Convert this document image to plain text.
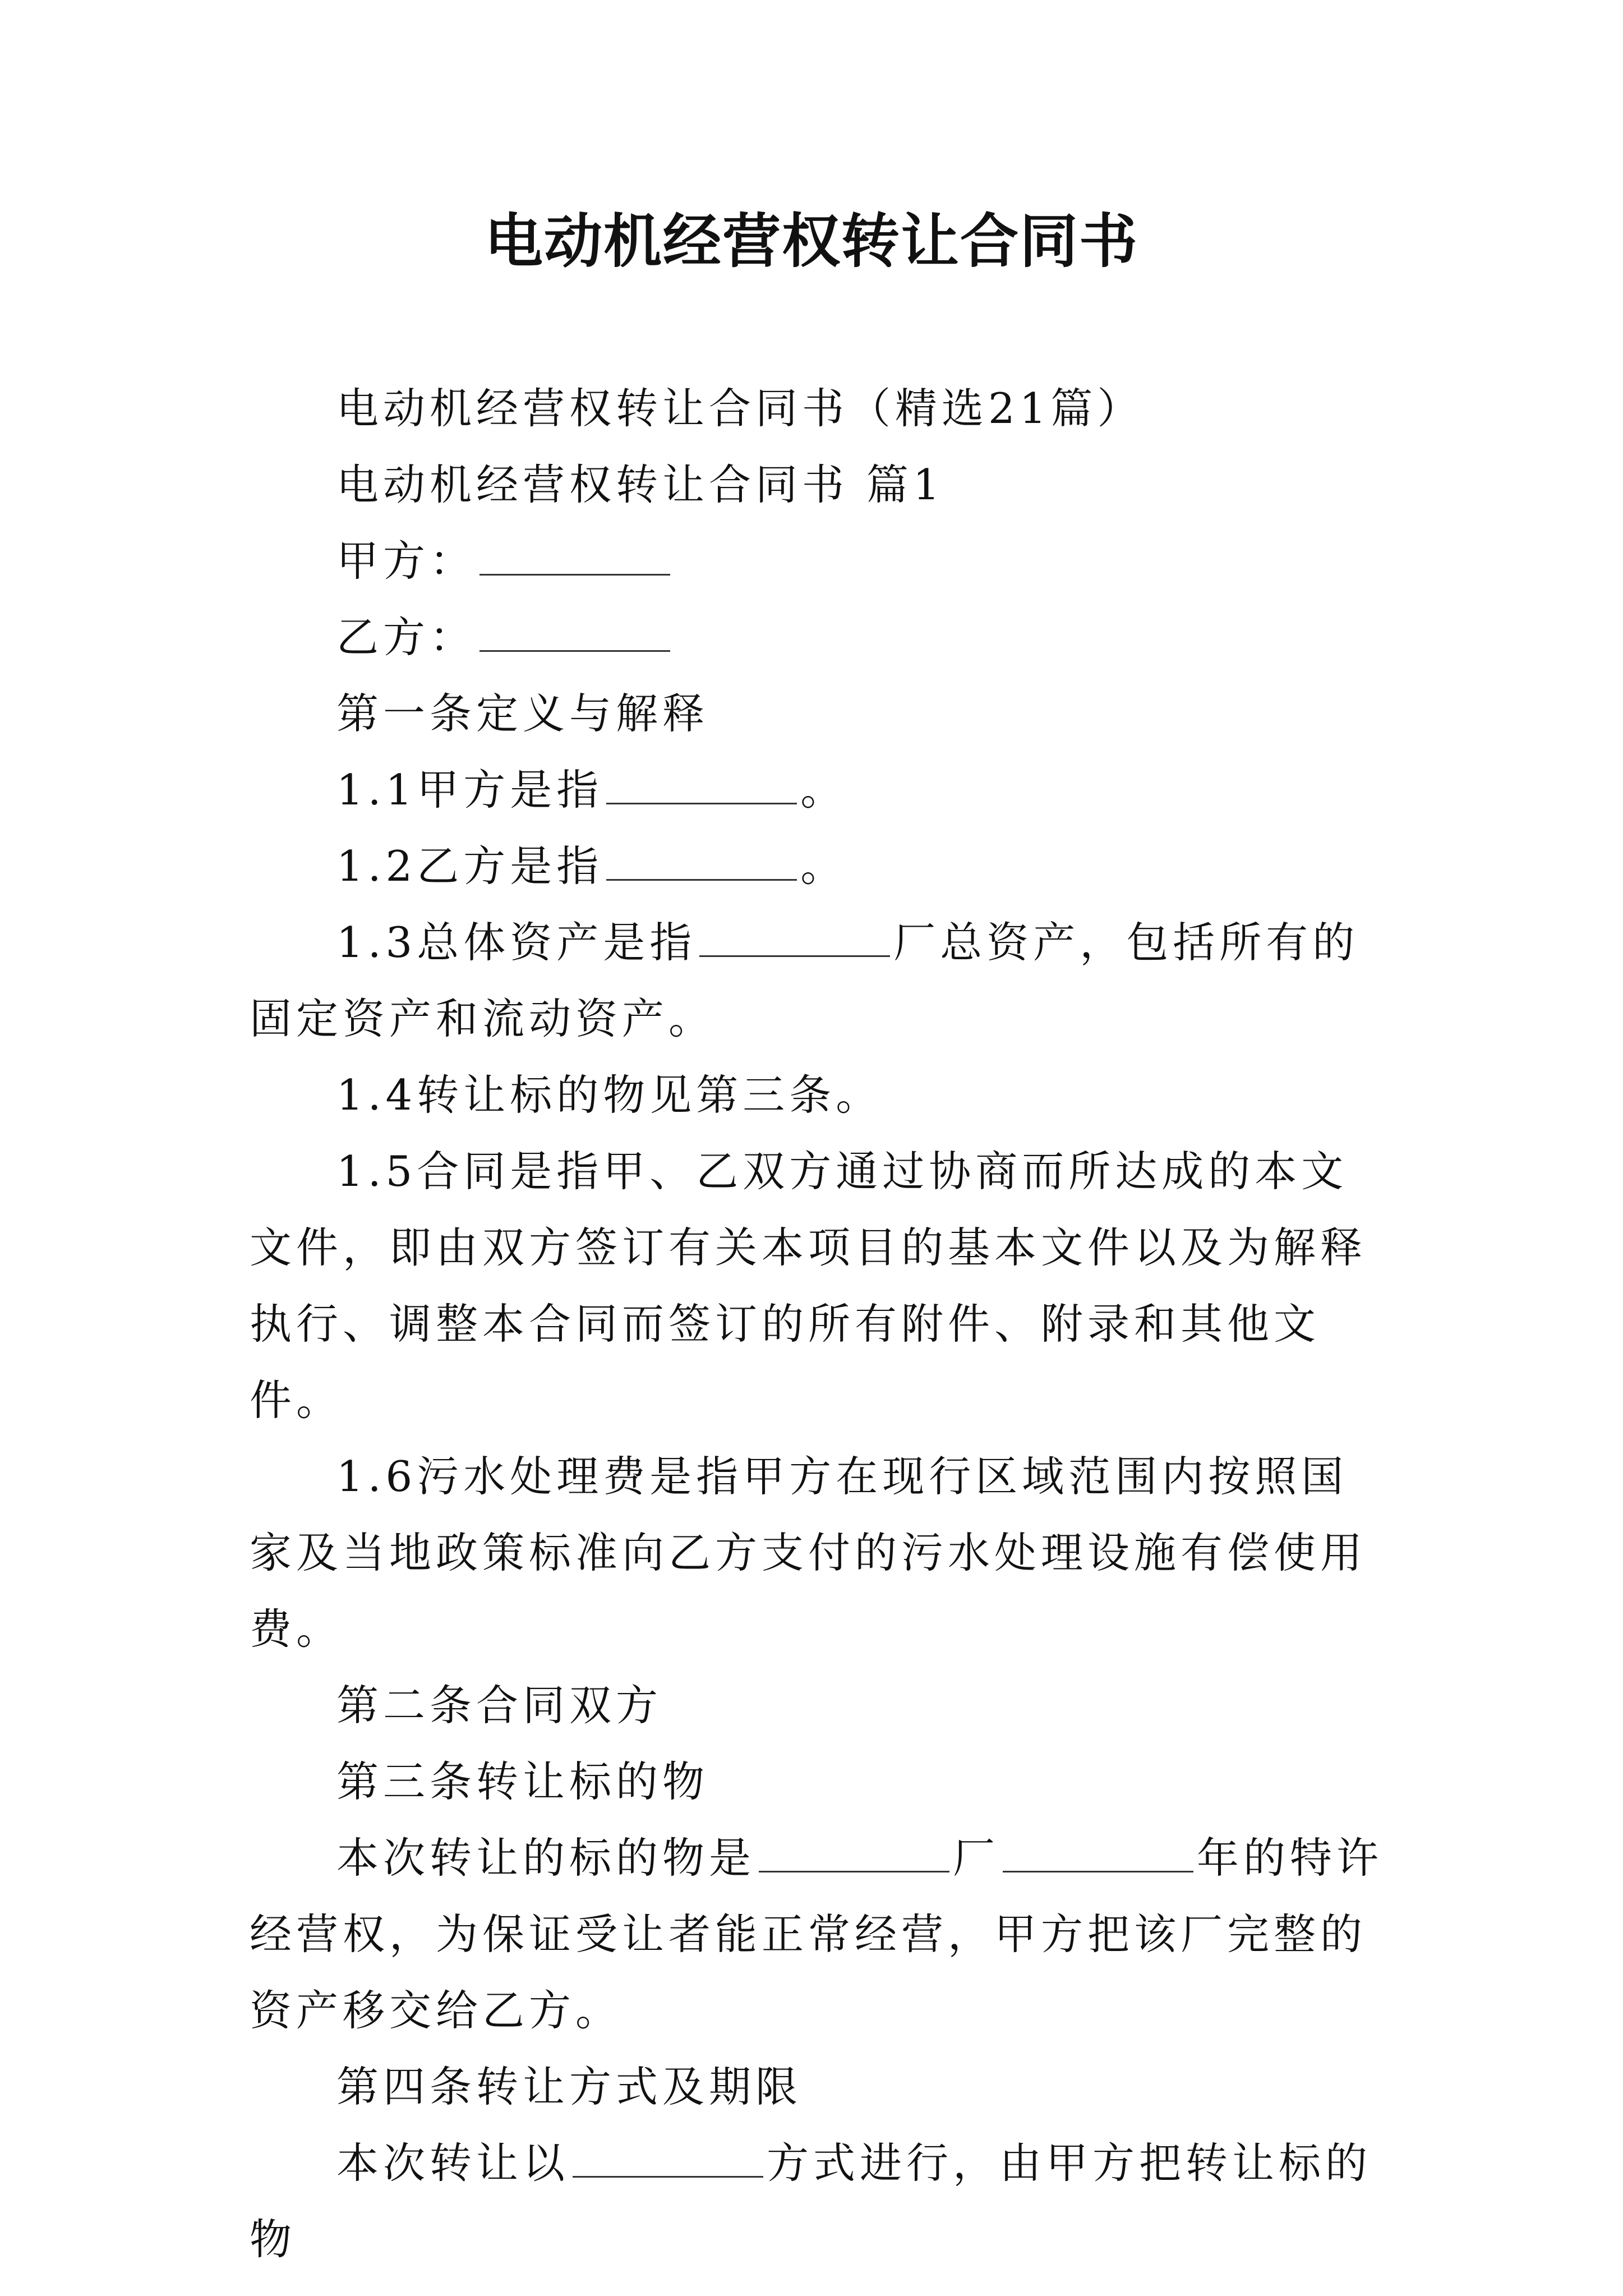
电动机经营权转让合同书

电动机经营权转让合同书（精选21篇）

电动机经营权转让合同书 篇1

甲方：

乙方：

第一条定义与解释

1.1甲方是指	。

1.2乙方是指	。

1.3总体资产是指	厂总资产，包括所有的固定资产和流动资产。

1.4转让标的物见第三条。

1.5合同是指甲、乙双方通过协商而所达成的本文文件，即由双方签订有关本项目的基本文件以及为解释执行、调整本合同而签订的所有附件、附录和其他文件。

1.6污水处理费是指甲方在现行区域范围内按照国家及当地政策标准向乙方支付的污水处理设施有偿使用费。

第二条合同双方

第三条转让标的物

本次转让的标的物是	厂	年的特许经营权，为保证受让者能正常经营，甲方把该厂完整的资产移交给乙方。

第四条转让方式及期限

本次转让以	方式进行，由甲方把转让标的物
